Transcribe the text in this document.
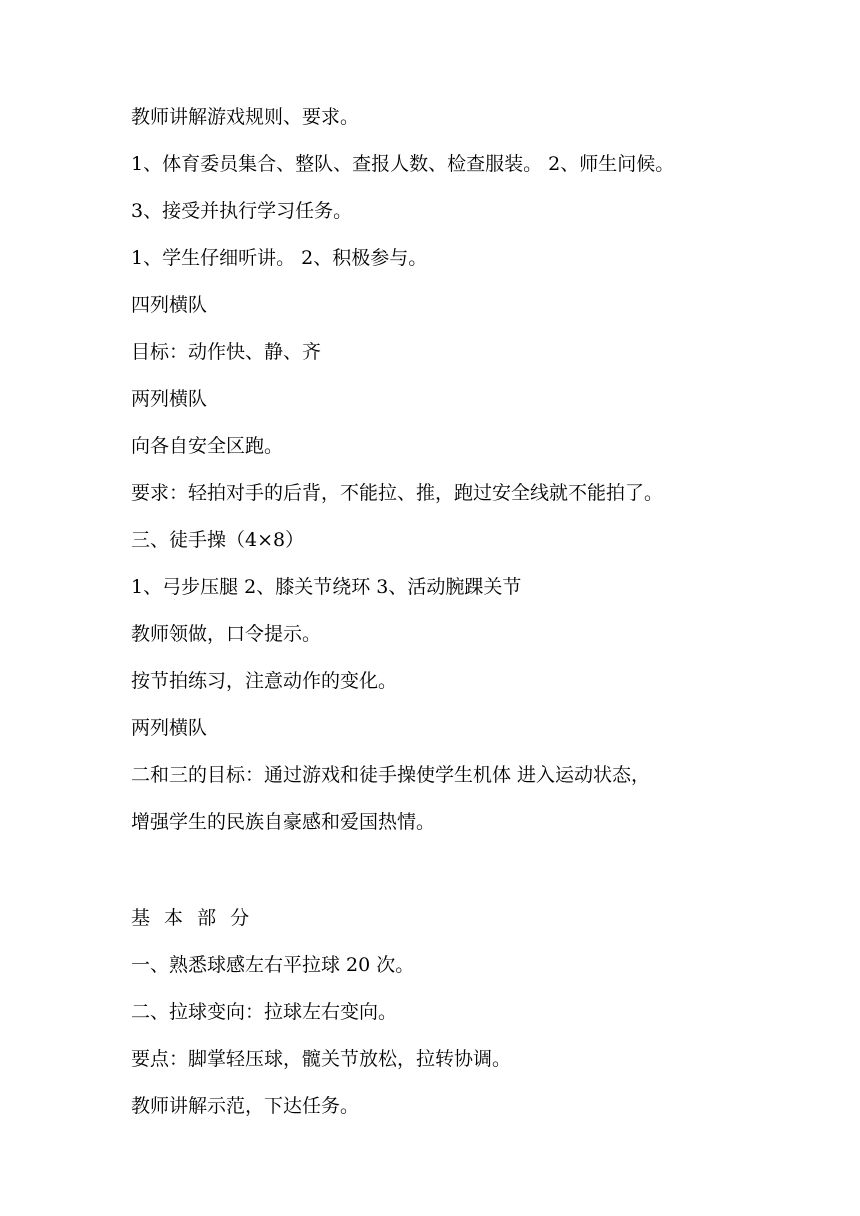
教师讲解游戏规则、要求。
1、体育委员集合、整队、查报人数、检查服装。 2、师生问候。
3、接受并执行学习任务。
1、学生仔细听讲。 2、积极参与。
四列横队
目标：动作快、静、齐
两列横队
向各自安全区跑。
要求：轻拍对手的后背，不能拉、推，跑过安全线就不能拍了。
三、徒手操（4×8）
1、弓步压腿 2、膝关节绕环 3、活动腕踝关节
教师领做，口令提示。
按节拍练习，注意动作的变化。
两列横队
二和三的目标：通过游戏和徒手操使学生机体 进入运动状态，
增强学生的民族自豪感和爱国热情。
基 本 部 分
一、熟悉球感左右平拉球 20 次。
二、拉球变向：拉球左右变向。
要点：脚掌轻压球，髋关节放松，拉转协调。
教师讲解示范，下达任务。
